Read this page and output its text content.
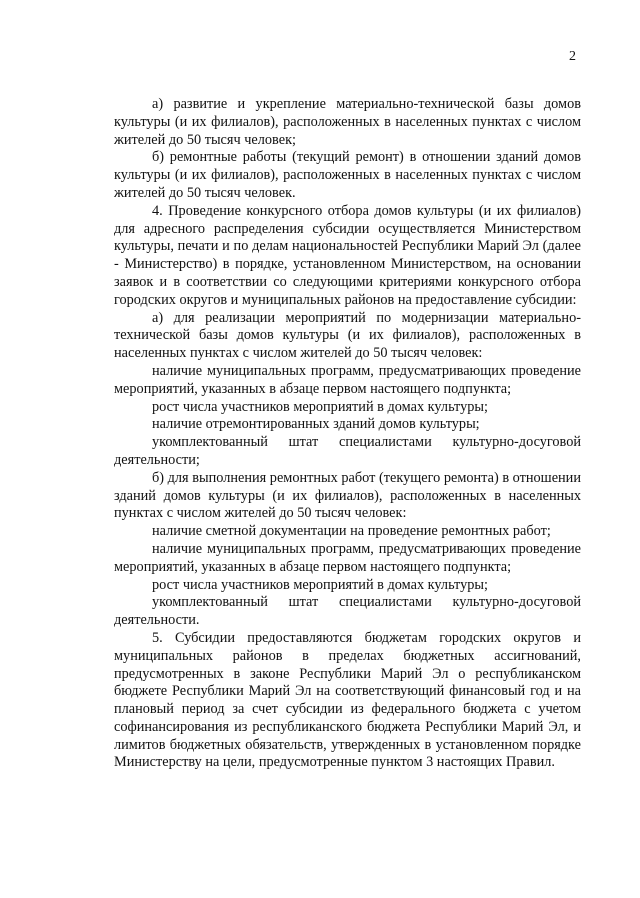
2

а) развитие и укрепление материально-технической базы домов культуры (и их филиалов), расположенных в населенных пунктах с числом жителей до 50 тысяч человек;

б) ремонтные работы (текущий ремонт) в отношении зданий домов культуры (и их филиалов), расположенных в населенных пунктах с числом жителей до 50 тысяч человек.

4. Проведение конкурсного отбора домов культуры (и их филиалов) для адресного распределения субсидии осуществляется Министерством культуры, печати и по делам национальностей Республики Марий Эл (далее - Министерство) в порядке, установленном Министерством, на основании заявок и в соответствии со следующими критериями конкурсного отбора городских округов и муниципальных районов на предоставление субсидии:

а) для реализации мероприятий по модернизации материально-технической базы домов культуры (и их филиалов), расположенных в населенных пунктах с числом жителей до 50 тысяч человек:

наличие муниципальных программ, предусматривающих проведение мероприятий, указанных в абзаце первом настоящего подпункта;

рост числа участников мероприятий в домах культуры;

наличие отремонтированных зданий домов культуры;

укомплектованный штат специалистами культурно-досуговой деятельности;

б) для выполнения ремонтных работ (текущего ремонта) в отношении зданий домов культуры (и их филиалов), расположенных в населенных пунктах с числом жителей до 50 тысяч человек:

наличие сметной документации на проведение ремонтных работ;

наличие муниципальных программ, предусматривающих проведение мероприятий, указанных в абзаце первом настоящего подпункта;

рост числа участников мероприятий в домах культуры;

укомплектованный штат специалистами культурно-досуговой деятельности.

5. Субсидии предоставляются бюджетам городских округов и муниципальных районов в пределах бюджетных ассигнований, предусмотренных в законе Республики Марий Эл о республиканском бюджете Республики Марий Эл на соответствующий финансовый год и на плановый период за счет субсидии из федерального бюджета с учетом софинансирования из республиканского бюджета Республики Марий Эл, и лимитов бюджетных обязательств, утвержденных в установленном порядке Министерству на цели, предусмотренные пунктом 3 настоящих Правил.
